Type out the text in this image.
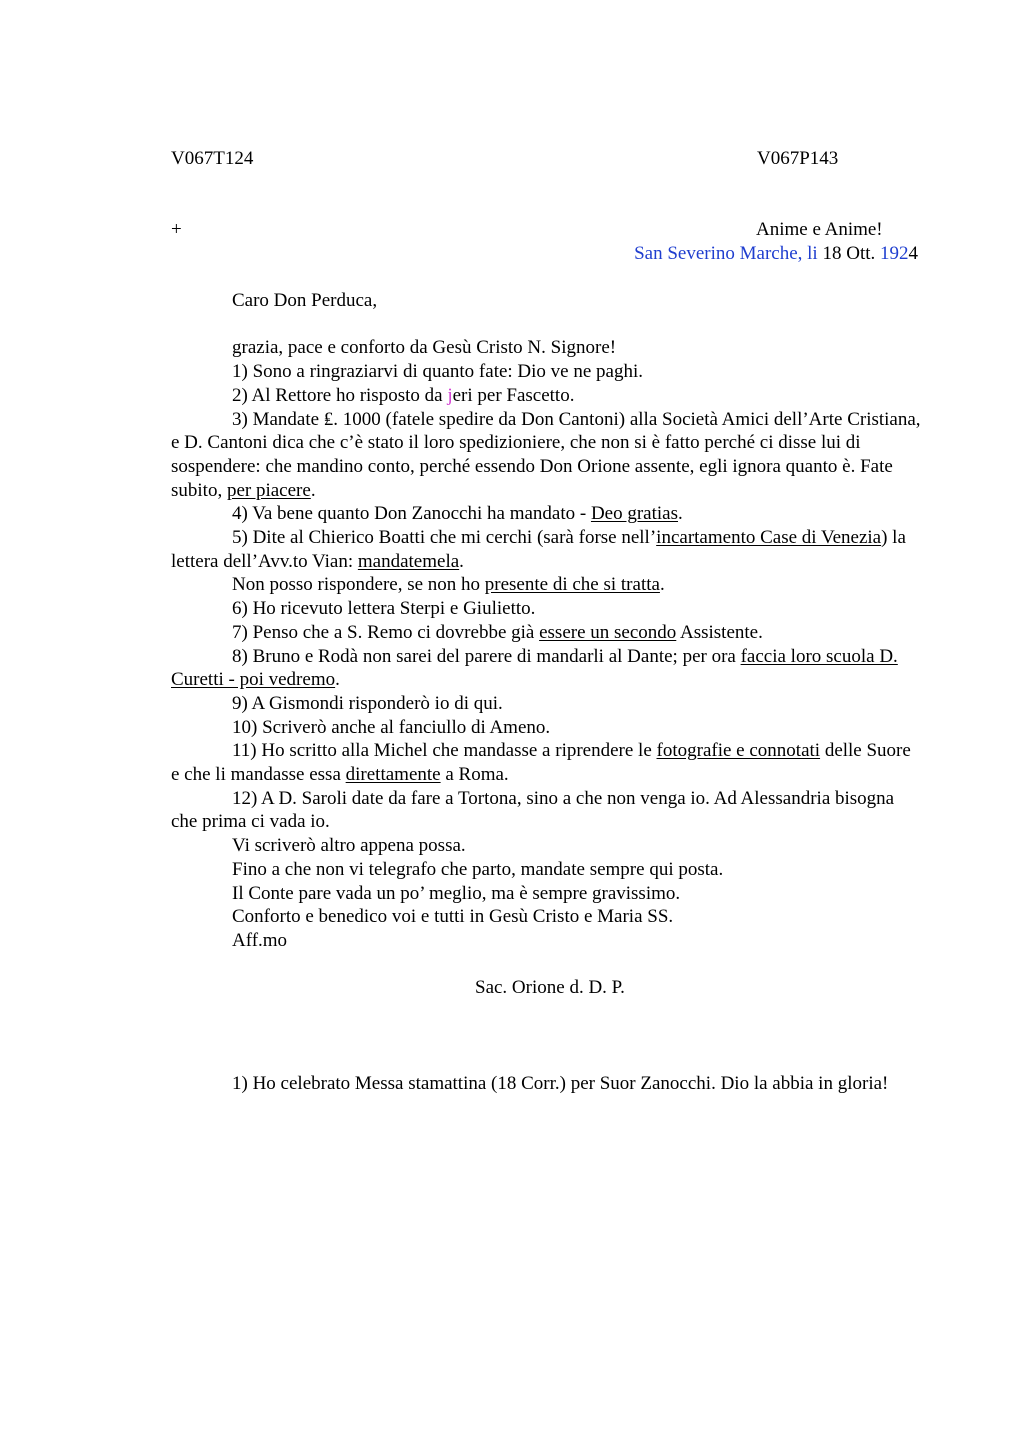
V067T124	V067P143
+	Anime e Anime!
San Severino Marche, li 18 Ott. 1924

Caro Don Perduca,

grazia, pace e conforto da Gesù Cristo N. Signore!

1) Sono a ringraziarvi di quanto fate: Dio ve ne paghi.

2) Al Rettore ho risposto da jeri per Fascetto.

3) Mandate ₤. 1000 (fatele spedire da Don Cantoni) alla Società Amici dell’Arte Cristiana, e D. Cantoni dica che c’è stato il loro spedizioniere, che non si è fatto perché ci disse lui di sospendere: che mandino conto, perché essendo Don Orione assente, egli ignora quanto è. Fate subito, per piacere.

4) Va bene quanto Don Zanocchi ha mandato - Deo gratias.

5) Dite al Chierico Boatti che mi cerchi (sarà forse nell’incartamento Case di Venezia) la lettera dell’Avv.to Vian: mandatemela.

Non posso rispondere, se non ho presente di che si tratta.

6) Ho ricevuto lettera Sterpi e Giulietto.

7) Penso che a S. Remo ci dovrebbe già essere un secondo Assistente.

8) Bruno e Rodà non sarei del parere di mandarli al Dante; per ora faccia loro scuola D. Curetti - poi vedremo.

9) A Gismondi risponderò io di qui.

10) Scriverò anche al fanciullo di Ameno.

11) Ho scritto alla Michel che mandasse a riprendere le fotografie e connotati delle Suore e che li mandasse essa direttamente a Roma.

12) A D. Saroli date da fare a Tortona, sino a che non venga io. Ad Alessandria bisogna che prima ci vada io.

Vi scriverò altro appena possa.

Fino a che non vi telegrafo che parto, mandate sempre qui posta.

Il Conte pare vada un po’ meglio, ma è sempre gravissimo.

Conforto e benedico voi e tutti in Gesù Cristo e Maria SS.

Aff.mo

Sac. Orione d. D. P.

1) Ho celebrato Messa stamattina (18 Corr.) per Suor Zanocchi. Dio la abbia in gloria!
